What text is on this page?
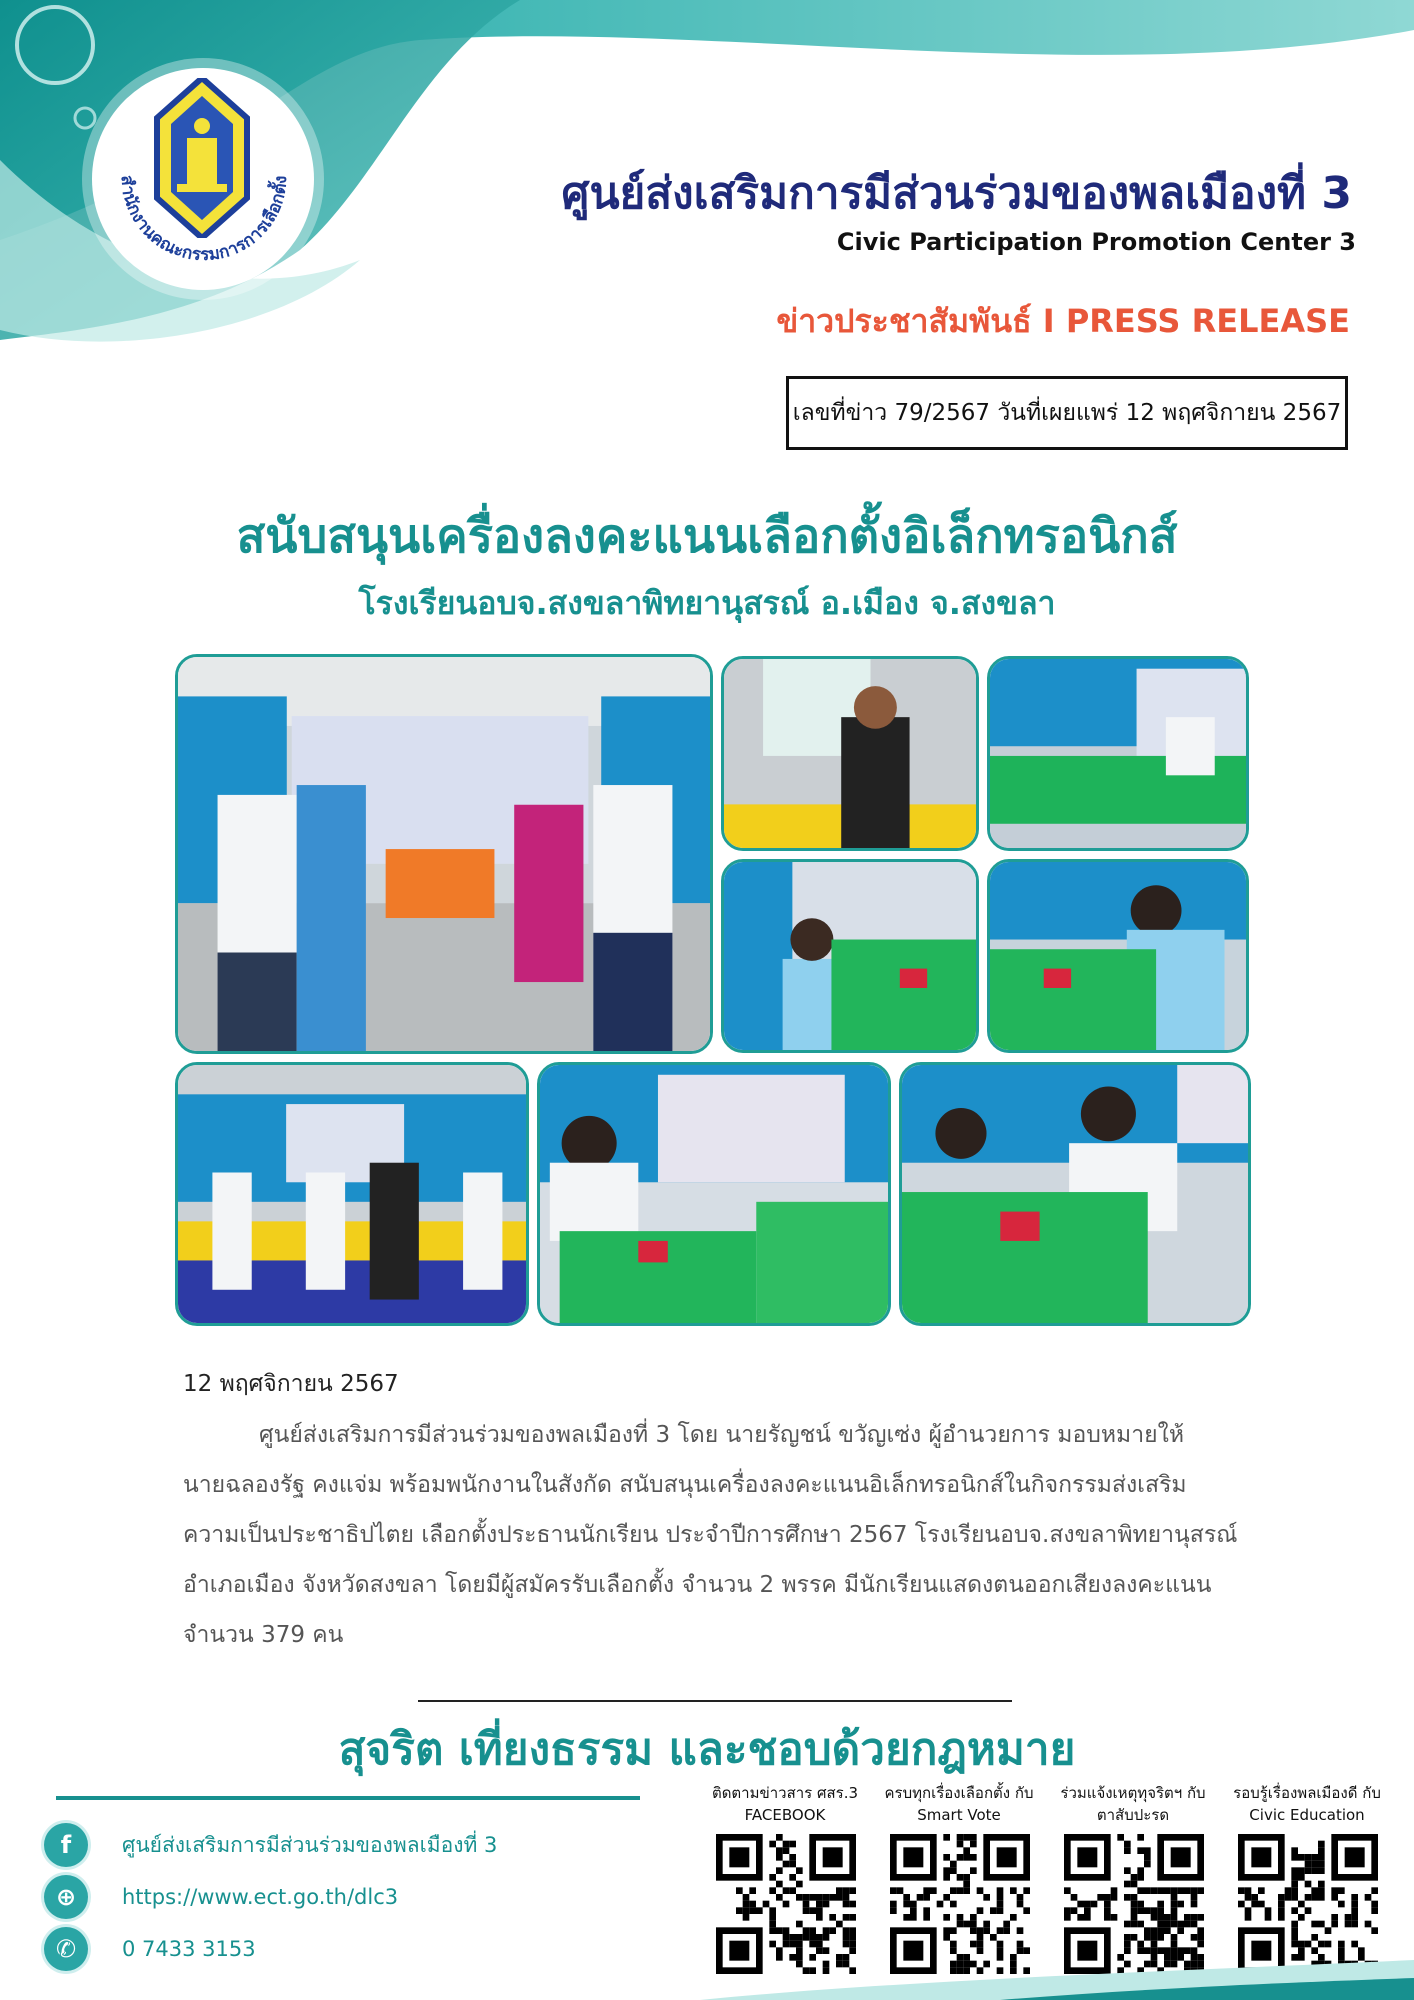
สำนักงานคณะกรรมการการเลือกตั้ง	ศูนย์ส่งเสริมการมีส่วนร่วมของพลเมืองที่ 3
Civic Participation Promotion Center 3
ข่าวประชาสัมพันธ์ I PRESS RELEASE
เลขที่ข่าว 79/2567 วันที่เผยแพร่ 12 พฤศจิกายน 2567
สนับสนุนเครื่องลงคะแนนเลือกตั้งอิเล็กทรอนิกส์
โรงเรียนอบจ.สงขลาพิทยานุสรณ์ อ.เมือง จ.สงขลา
12 พฤศจิกายน 2567

ศูนย์ส่งเสริมการมีส่วนร่วมของพลเมืองที่ 3 โดย นายรัญชน์ ขวัญเซ่ง ผู้อำนวยการ มอบหมายให้

นายฉลองรัฐ คงแจ่ม พร้อมพนักงานในสังกัด สนับสนุนเครื่องลงคะแนนอิเล็กทรอนิกส์ในกิจกรรมส่งเสริม

ความเป็นประชาธิปไตย เลือกตั้งประธานนักเรียน ประจำปีการศึกษา 2567 โรงเรียนอบจ.สงขลาพิทยานุสรณ์

อำเภอเมือง จังหวัดสงขลา โดยมีผู้สมัครรับเลือกตั้ง จำนวน 2 พรรค มีนักเรียนแสดงตนออกเสียงลงคะแนน

จำนวน 379 คน

สุจริต เที่ยงธรรม และชอบด้วยกฎหมาย
f	ศูนย์ส่งเสริมการมีส่วนร่วมของพลเมืองที่ 3
⊕	https://www.ect.go.th/dlc3
✆	0 7433 3153
ติดตามข่าวสาร ศสร.3
FACEBOOK
ครบทุกเรื่องเลือกตั้ง กับ
Smart Vote
ร่วมแจ้งเหตุทุจริตฯ กับ
ตาสับปะรด
รอบรู้เรื่องพลเมืองดี กับ
Civic Education
